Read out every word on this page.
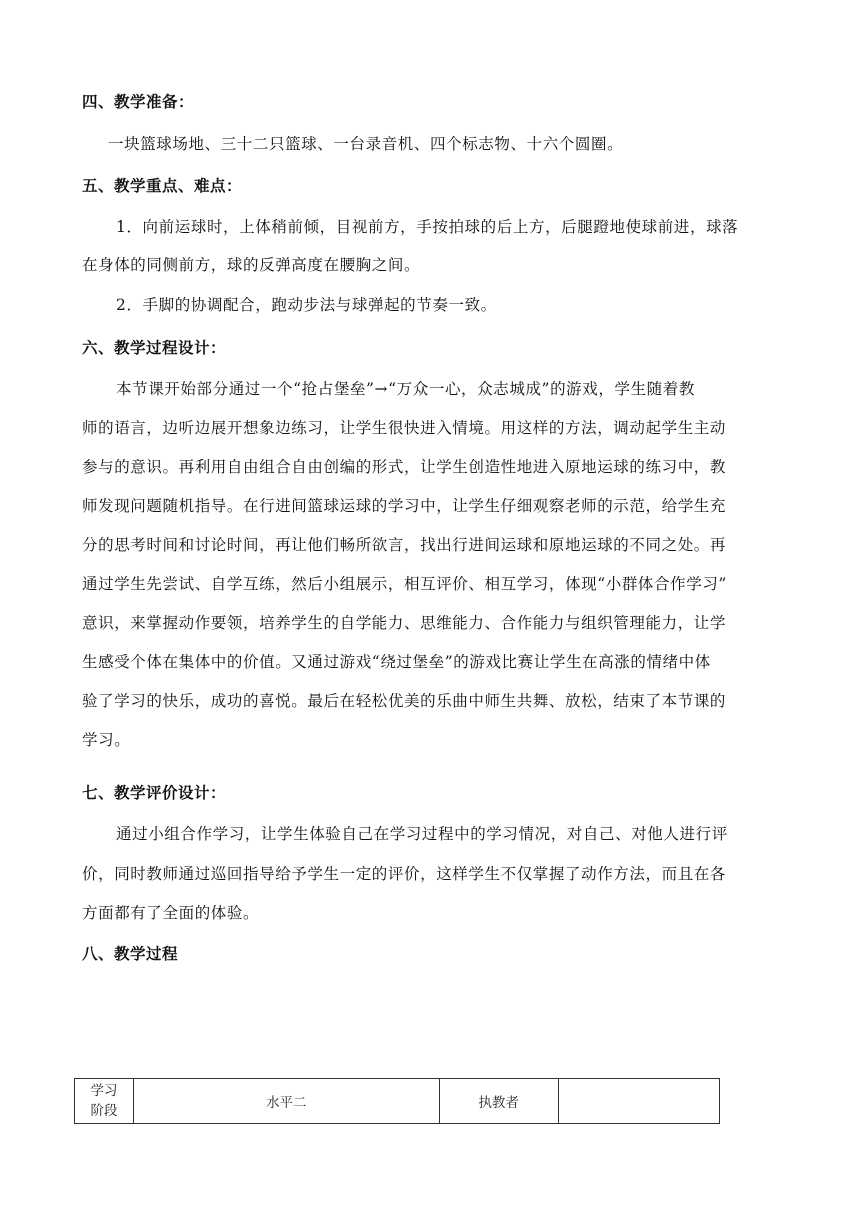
四、教学准备：
一块篮球场地、三十二只篮球、一台录音机、四个标志物、十六个圆圈。
五、教学重点、难点：
1．向前运球时，上体稍前倾，目视前方，手按拍球的后上方，后腿蹬地使球前进，球落
在身体的同侧前方，球的反弹高度在腰胸之间。
2．手脚的协调配合，跑动步法与球弹起的节奏一致。
六、教学过程设计：
本节课开始部分通过一个“抢占堡垒”→“万众一心，众志城成”的游戏，学生随着教
师的语言，边听边展开想象边练习，让学生很快进入情境。用这样的方法，调动起学生主动
参与的意识。再利用自由组合自由创编的形式，让学生创造性地进入原地运球的练习中，教
师发现问题随机指导。在行进间篮球运球的学习中，让学生仔细观察老师的示范，给学生充
分的思考时间和讨论时间，再让他们畅所欲言，找出行进间运球和原地运球的不同之处。再
通过学生先尝试、自学互练，然后小组展示，相互评价、相互学习，体现“小群体合作学习”
意识，来掌握动作要领，培养学生的自学能力、思维能力、合作能力与组织管理能力，让学
生感受个体在集体中的价值。又通过游戏“绕过堡垒”的游戏比赛让学生在高涨的情绪中体
验了学习的快乐，成功的喜悦。最后在轻松优美的乐曲中师生共舞、放松，结束了本节课的
学习。
七、教学评价设计：
通过小组合作学习，让学生体验自己在学习过程中的学习情况，对自己、对他人进行评
价，同时教师通过巡回指导给予学生一定的评价，这样学生不仅掌握了动作方法，而且在各
方面都有了全面的体验。
八、教学过程
学习
阶段	水平二	执教者	
